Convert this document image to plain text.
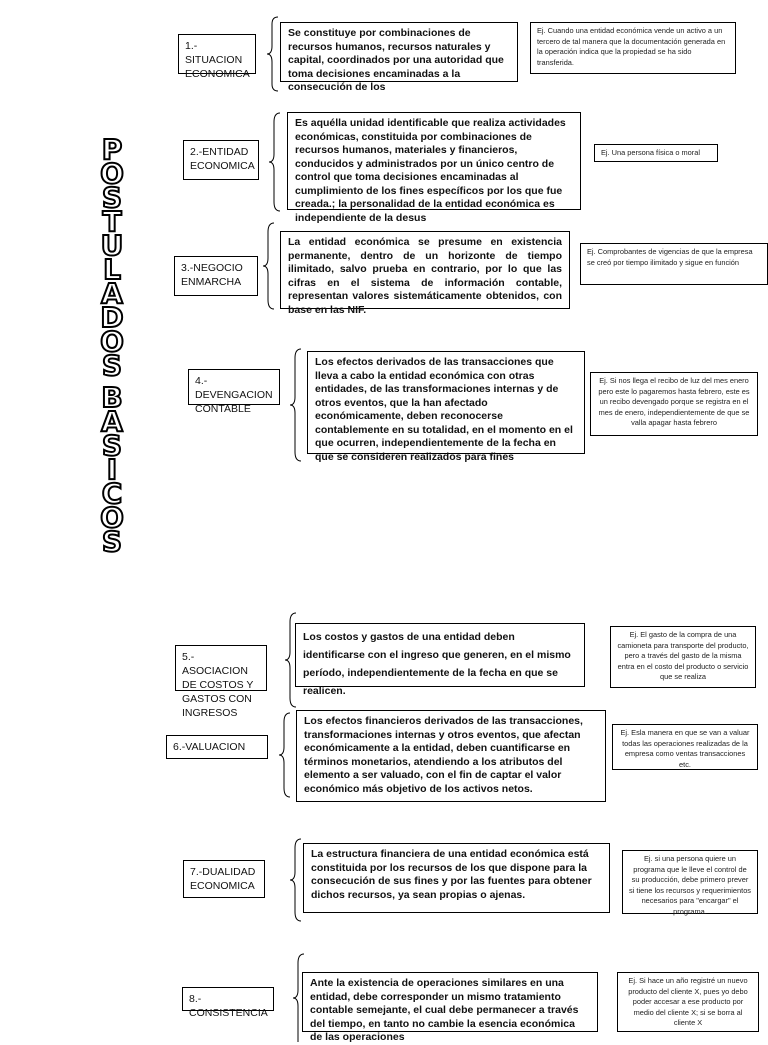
P
O
S
T
U
L
A
D
O
S
B
A
S
I
C
O
S
1.-SITUACION ECONOMICA
Se constituye por combinaciones de recursos humanos, recursos naturales y capital, coordinados por una autoridad que toma decisiones encaminadas a la consecución de los
Ej. Cuando una entidad económica vende un activo a un tercero de tal manera que la documentación generada en la operación indica que la propiedad se ha sido transferida.
2.-ENTIDAD ECONOMICA
Es aquélla unidad identificable que realiza actividades económicas, constituida por combinaciones de recursos humanos, materiales y financieros, conducidos y administrados por un único centro de control que toma decisiones encaminadas al cumplimiento de los fines específicos por los que fue creada.; la personalidad de la entidad económica es independiente de la desus
Ej. Una persona física o moral
3.-NEGOCIO ENMARCHA
La entidad económica se presume en existencia permanente, dentro de un horizonte de tiempo ilimitado, salvo prueba en contrario, por lo que las cifras en el sistema de información contable, representan valores sistemáticamente obtenidos, con base en las NIF.
Ej. Comprobantes de vigencias de que la empresa se creó por tiempo ilimitado y sigue en función
4.-DEVENGACION CONTABLE
Los efectos derivados de las transacciones que lleva a cabo la entidad económica con otras entidades, de las transformaciones internas y de otros eventos, que la han afectado económicamente, deben reconocerse contablemente en su totalidad, en el momento en el que ocurren, independientemente de la fecha en que se consideren realizados para fines
Ej. Si nos llega el recibo de luz del mes enero pero este lo pagaremos hasta febrero, este es un recibo devengado porque se registra en el mes de enero, independientemente de que se valla apagar hasta febrero
5.-ASOCIACION DE COSTOS Y GASTOS CON INGRESOS
Los costos y gastos de una entidad deben identificarse con el ingreso que generen, en el mismo período, independientemente de la fecha en que se realicen.
Ej. El gasto de la compra de una camioneta para transporte del producto, pero a través del gasto de la misma entra en el costo del producto o servicio que se realiza
6.-VALUACION
Los efectos financieros derivados de las transacciones, transformaciones internas y otros eventos, que afectan económicamente a la entidad, deben cuantificarse en términos monetarios, atendiendo a los atributos del elemento a ser valuado, con el fin de captar el valor económico más objetivo de los activos netos.
Ej. Esla manera en que se van a valuar todas las operaciones realizadas de la empresa como ventas transacciones etc.
7.-DUALIDAD ECONOMICA
La estructura financiera de una entidad económica está constituida por los recursos de los que dispone para la consecución de sus fines y por las fuentes para obtener dichos recursos, ya sean propias o ajenas.
Ej. si una persona quiere un programa que le lleve el control de su producción, debe primero prever si tiene los recursos y requerimientos necesarios para "encargar" el programa.
8.-CONSISTENCIA
Ante la existencia de operaciones similares en una entidad, debe corresponder un mismo tratamiento contable semejante, el cual debe permanecer a través del tiempo, en tanto no cambie la esencia económica de las operaciones
Ej. Si hace un año registré un nuevo producto del cliente X, pues yo debo poder accesar a ese producto por medio del cliente X; si se borra al cliente X
